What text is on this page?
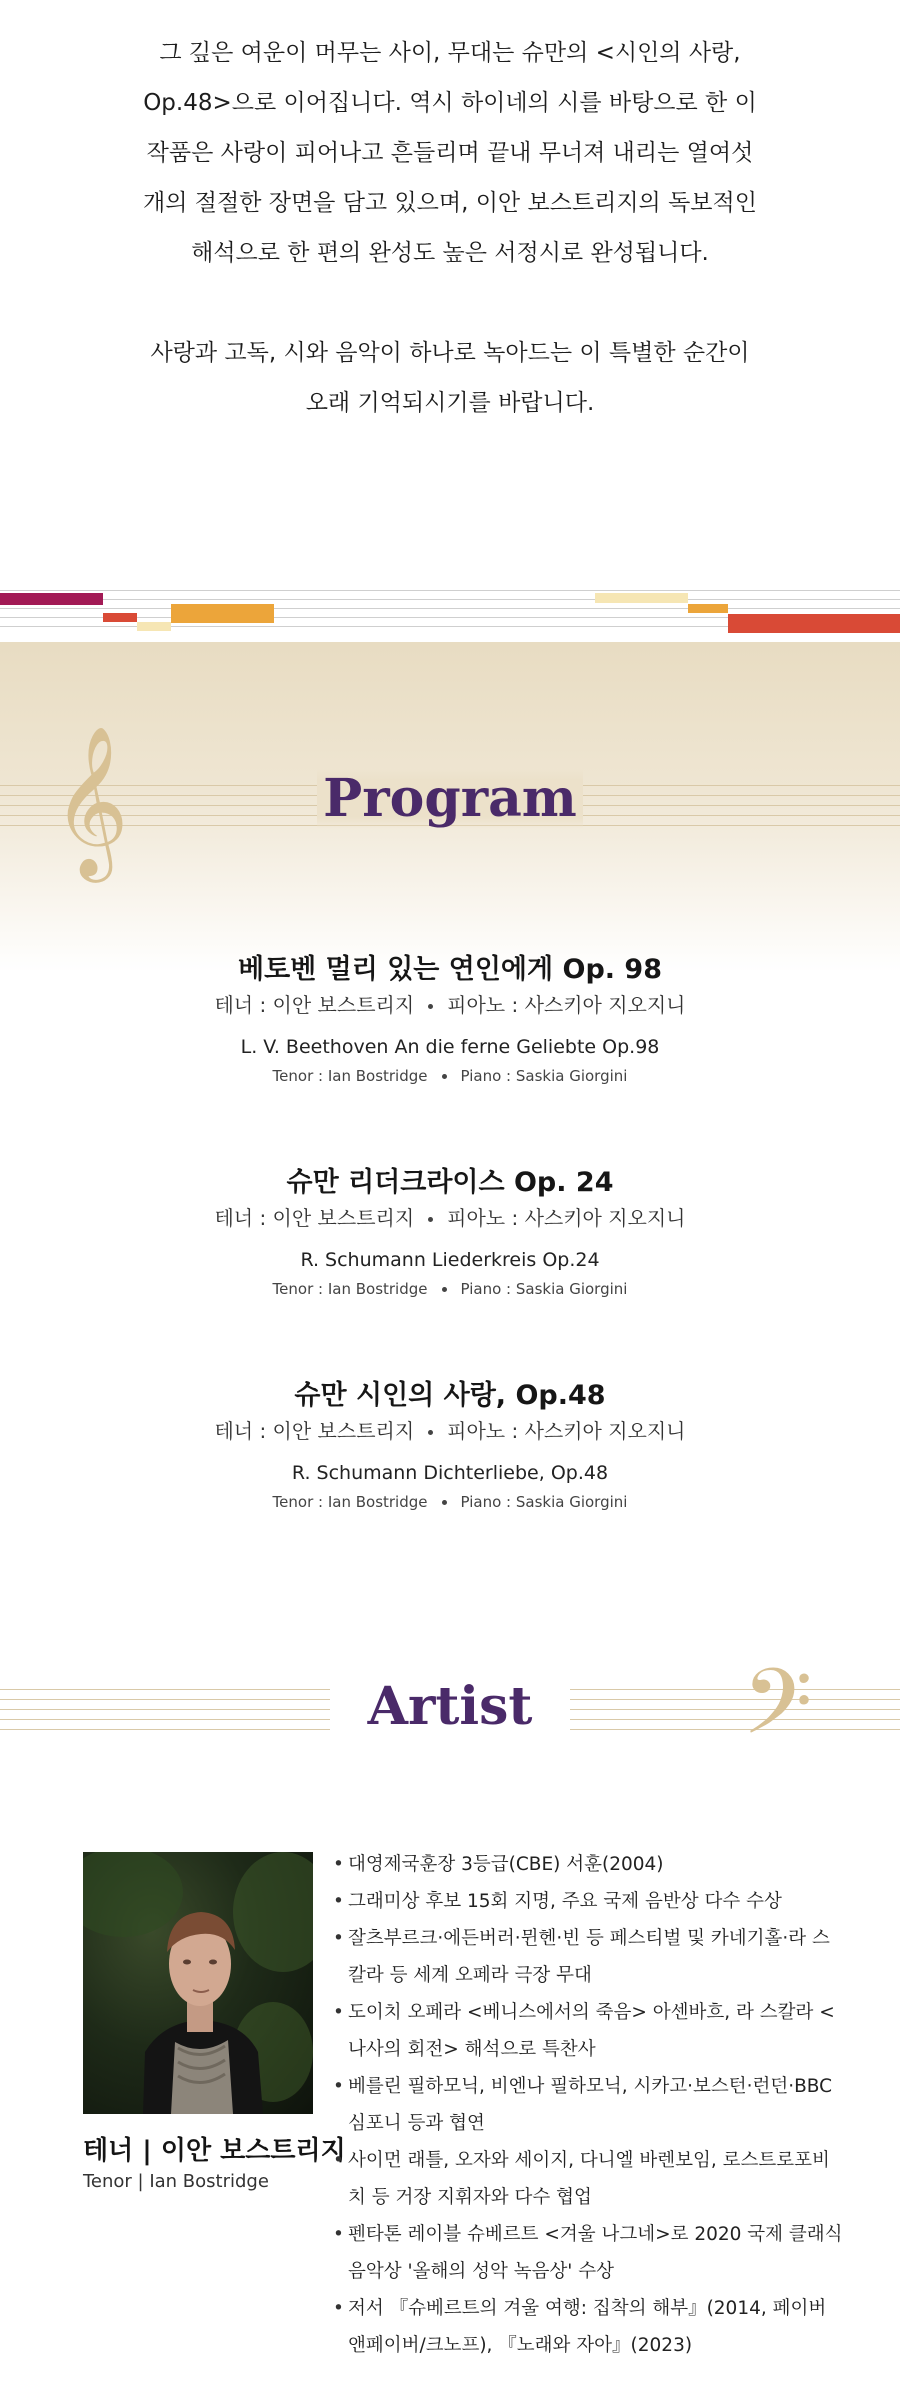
그 깊은 여운이 머무는 사이, 무대는 슈만의 <시인의 사랑,

Op.48>으로 이어집니다. 역시 하이네의 시를 바탕으로 한 이

작품은 사랑이 피어나고 흔들리며 끝내 무너져 내리는 열여섯

개의 절절한 장면을 담고 있으며, 이안 보스트리지의 독보적인

해석으로 한 편의 완성도 높은 서정시로 완성됩니다.

사랑과 고독, 시와 음악이 하나로 녹아드는 이 특별한 순간이

오래 기억되시기를 바랍니다.

𝄞	Program
베토벤 멀리 있는 연인에게 Op. 98
테너 : 이안 보스트리지 피아노 : 사스키아 지오지니
L. V. Beethoven An die ferne Geliebte Op.98
Tenor : Ian Bostridge Piano : Saskia Giorgini
슈만 리더크라이스 Op. 24
테너 : 이안 보스트리지 피아노 : 사스키아 지오지니
R. Schumann Liederkreis Op.24
Tenor : Ian Bostridge Piano : Saskia Giorgini
슈만 시인의 사랑, Op.48
테너 : 이안 보스트리지 피아노 : 사스키아 지오지니
R. Schumann Dichterliebe, Op.48
Tenor : Ian Bostridge Piano : Saskia Giorgini
𝄢
Artist
테너 | 이안 보스트리지
Tenor | Ian Bostridge
• 대영제국훈장 3등급(CBE) 서훈(2004)
• 그래미상 후보 15회 지명, 주요 국제 음반상 다수 수상
• 잘츠부르크·에든버러·뮌헨·빈 등 페스티벌 및 카네기홀·라 스칼라 등 세계 오페라 극장 무대
• 도이치 오페라 <베니스에서의 죽음> 아센바흐, 라 스칼라 <나사의 회전> 해석으로 특찬사
• 베를린 필하모닉, 비엔나 필하모닉, 시카고·보스턴·런던·BBC 심포니 등과 협연
• 사이먼 래틀, 오자와 세이지, 다니엘 바렌보임, 로스트로포비치 등 거장 지휘자와 다수 협업
• 펜타톤 레이블 슈베르트 <겨울 나그네>로 2020 국제 클래식 음악상 '올해의 성악 녹음상' 수상
• 저서 『슈베르트의 겨울 여행: 집착의 해부』(2014, 페이버앤페이버/크노프), 『노래와 자아』(2023)
